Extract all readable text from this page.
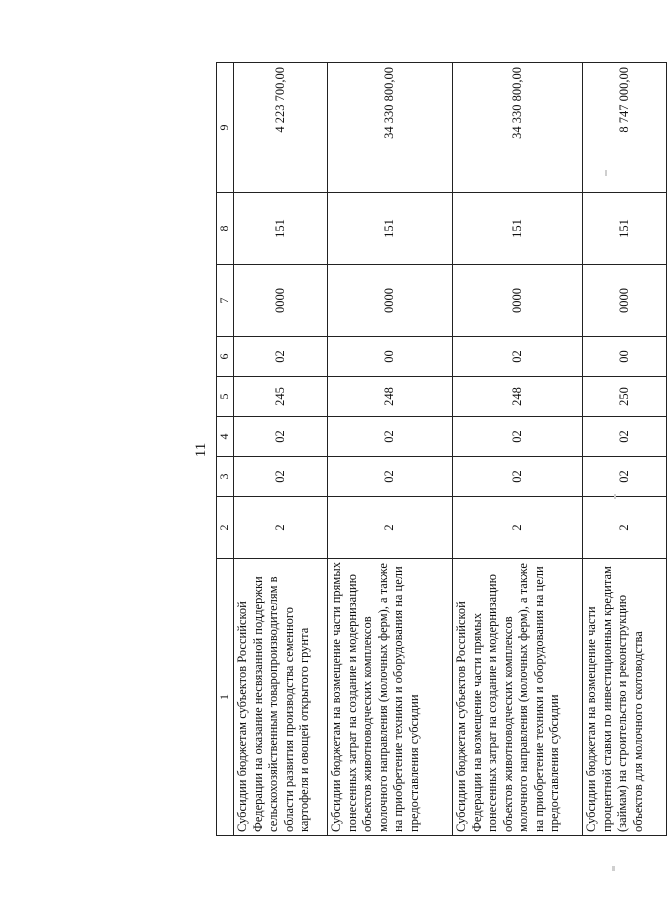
11
1	2	3	4	5	6	7	8	9
Субсидии бюджетам субъектов Российской Федерации на оказание несвязанной поддержки сельскохозяйственным товаропроизводителям в области развития производства семенного картофеля и овощей открытого грунта	2	02	02	245	02	0000	151	4 223 700,00
Субсидии бюджетам на возмещение части прямых понесенных затрат на создание и модернизацию объектов животноводческих комплексов молочного направления (молочных ферм), а также на приобретение техники и оборудования на цели предоставления субсидии	2	02	02	248	00	0000	151	34 330 800,00
Субсидии бюджетам субъектов Российской Федерации на возмещение части прямых понесенных затрат на создание и модернизацию объектов животноводческих комплексов молочного направления (молочных ферм), а также на приобретение техники и оборудования на цели предоставления субсидии	2	02	02	248	02	0000	151	34 330 800,00
Субсидии бюджетам на возмещение части процентной ставки по инвестиционным кредитам (займам) на строительство и реконструкцию объектов для молочного скотоводства	2	02	02	250	00	0000	151	8 747 000,00
